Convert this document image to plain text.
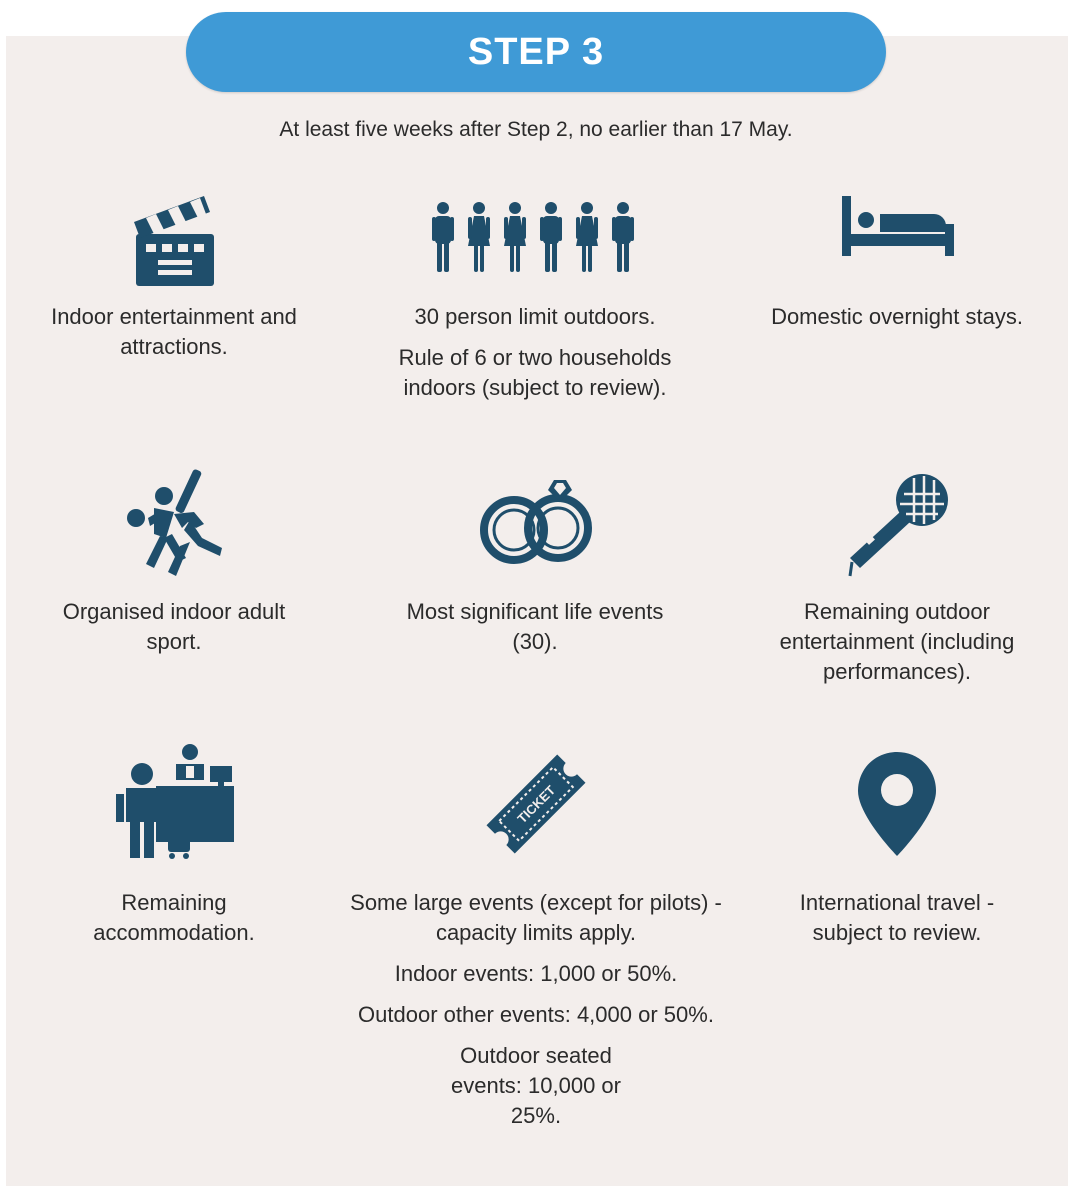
STEP 3
At least five weeks after Step 2, no earlier than 17 May.

Indoor entertainment and attractions.

30 person limit outdoors.

Rule of 6 or two households indoors (subject to review).

Domestic overnight stays.

Organised indoor adult sport.

Most significant life events (30).

Remaining outdoor entertainment (including performances).

Remaining accommodation.

TICKET

Some large events (except for pilots) - capacity limits apply.

Indoor events: 1,000 or 50%.

Outdoor other events: 4,000 or 50%.

Outdoor seated events: 10,000 or 25%.

International travel - subject to review.
